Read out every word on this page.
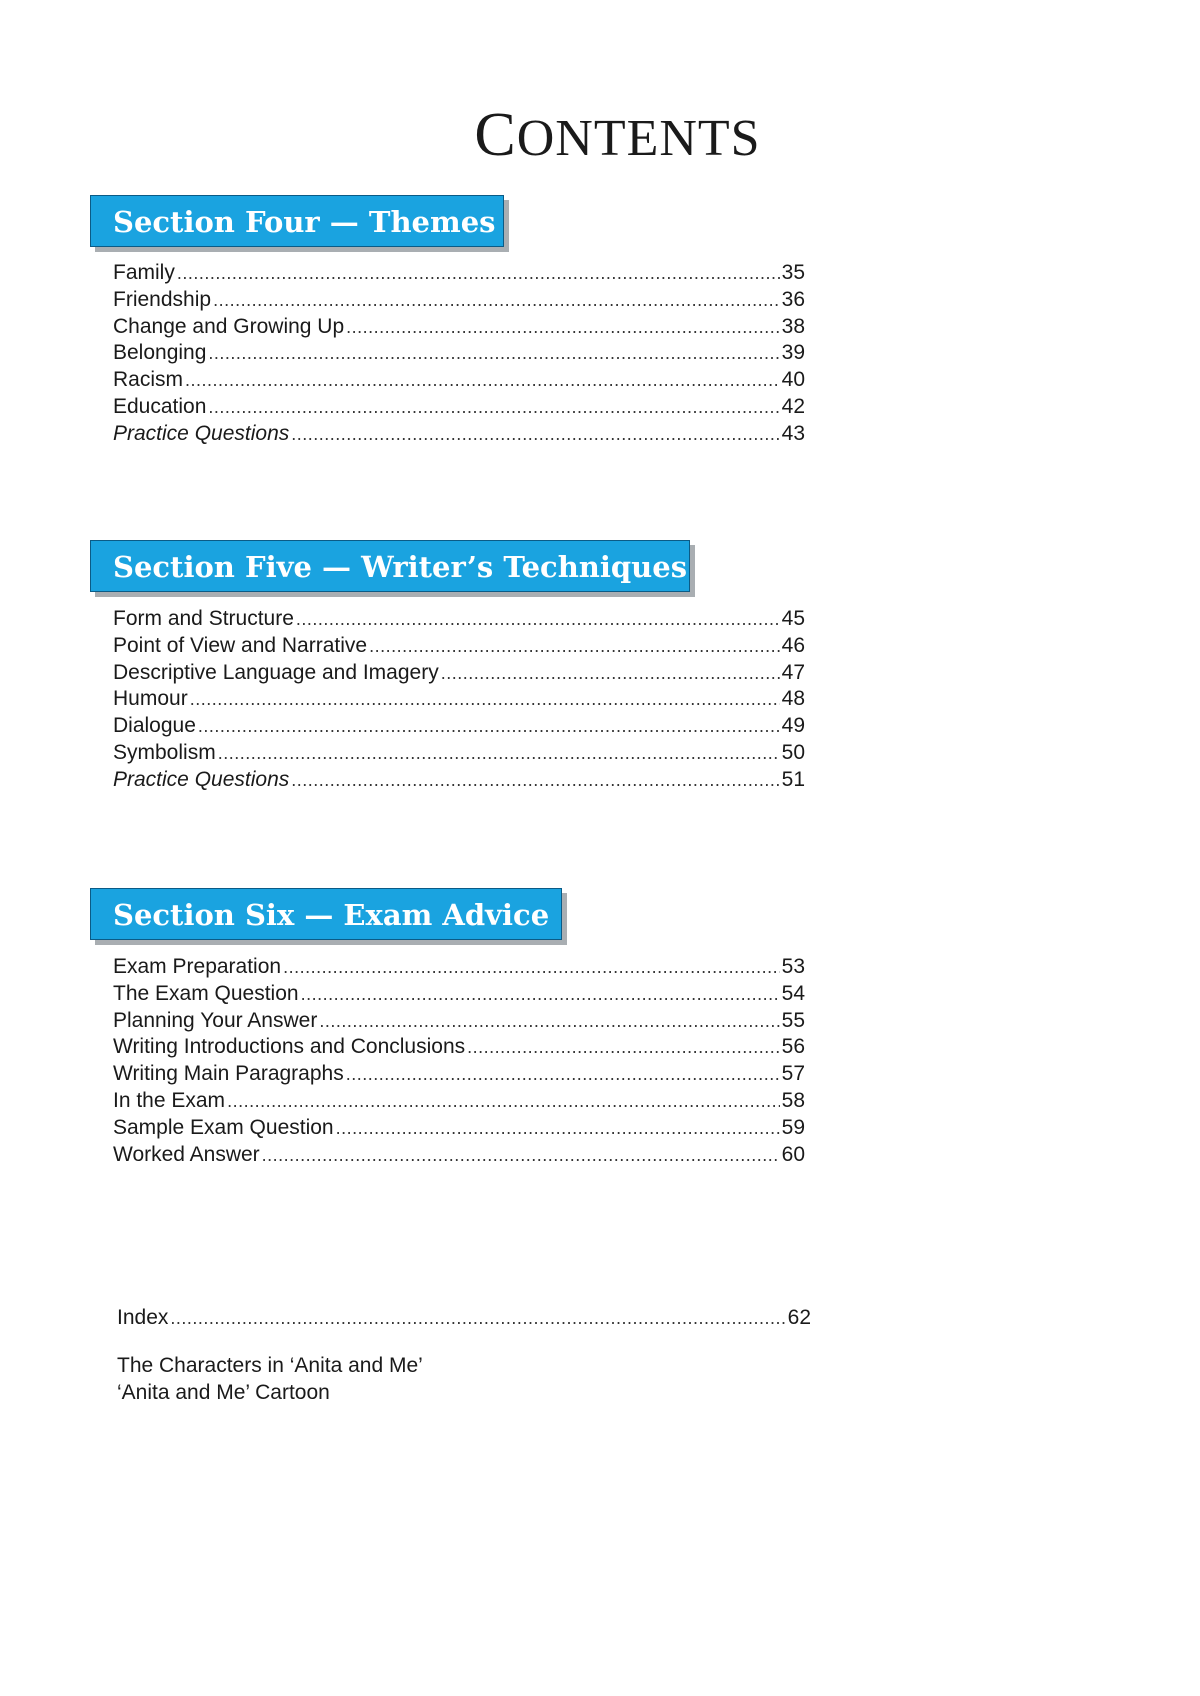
CONTENTS
Section Four — Themes
Family .....	35
Friendship .....	36
Change and Growing Up .....	38
Belonging .....	39
Racism .....	40
Education .....	42
Practice Questions .....	43
Section Five — Writer’s Techniques
Form and Structure .....	45
Point of View and Narrative .....	46
Descriptive Language and Imagery .....	47
Humour .....	48
Dialogue .....	49
Symbolism .....	50
Practice Questions .....	51
Section Six — Exam Advice
Exam Preparation .....	53
The Exam Question .....	54
Planning Your Answer .....	55
Writing Introductions and Conclusions .....	56
Writing Main Paragraphs .....	57
In the Exam .....	58
Sample Exam Question .....	59
Worked Answer .....	60
Index .....	62
The Characters in ‘Anita and Me’
‘Anita and Me’ Cartoon
